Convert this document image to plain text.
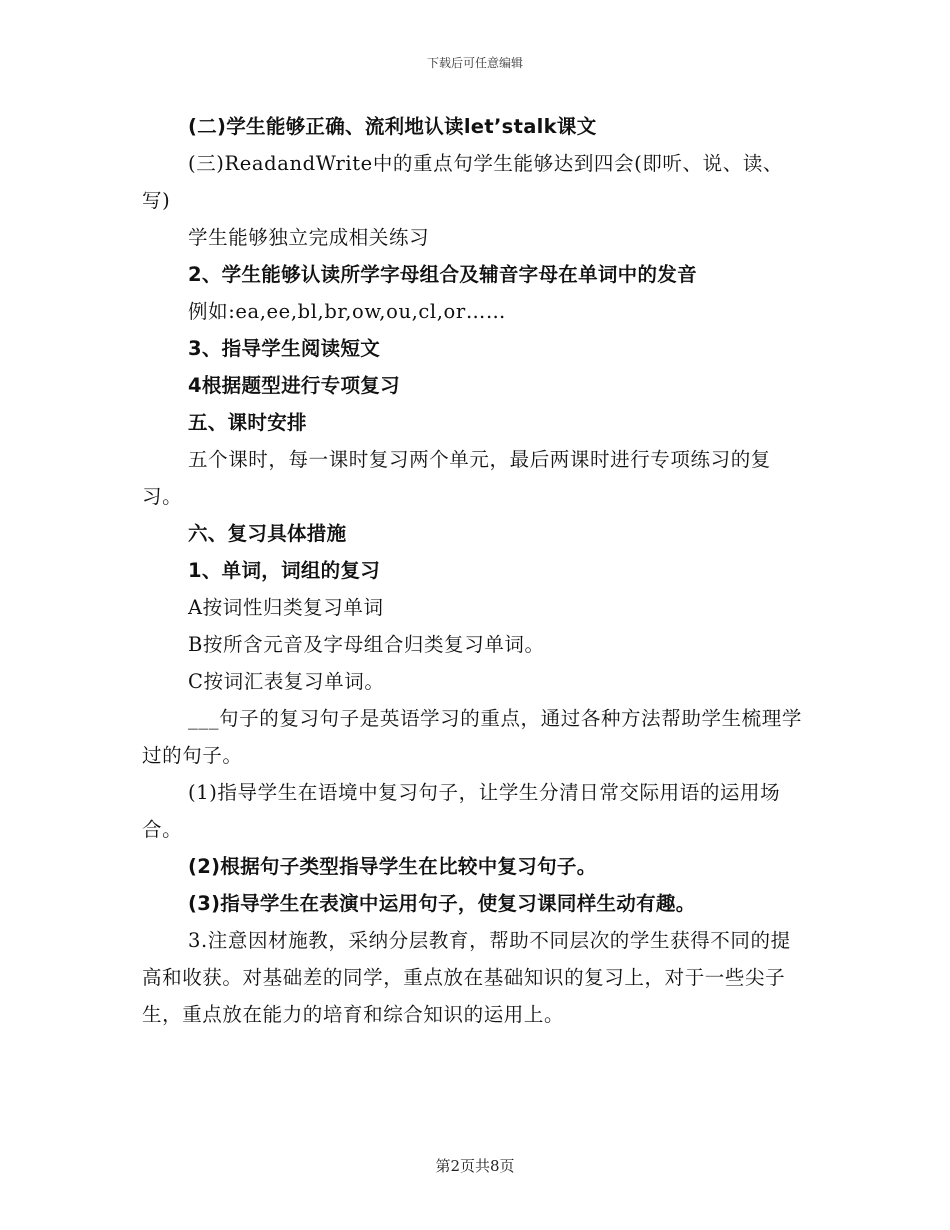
下载后可任意编辑

(二)学生能够正确、流利地认读let’stalk课文

(三)ReadandWrite中的重点句学生能够达到四会(即听、说、读、写)

学生能够独立完成相关练习

2、学生能够认读所学字母组合及辅音字母在单词中的发音

例如:ea,ee,bl,br,ow,ou,cl,or……

3、指导学生阅读短文

4根据题型进行专项复习

五、课时安排

五个课时，每一课时复习两个单元，最后两课时进行专项练习的复习。

六、复习具体措施

1、单词，词组的复习

A按词性归类复习单词

B按所含元音及字母组合归类复习单词。

C按词汇表复习单词。

___句子的复习句子是英语学习的重点，通过各种方法帮助学生梳理学过的句子。

(1)指导学生在语境中复习句子，让学生分清日常交际用语的运用场合。

(2)根据句子类型指导学生在比较中复习句子。

(3)指导学生在表演中运用句子，使复习课同样生动有趣。

3.注意因材施教，采纳分层教育，帮助不同层次的学生获得不同的提高和收获。对基础差的同学，重点放在基础知识的复习上，对于一些尖子生，重点放在能力的培育和综合知识的运用上。

第2页共8页
